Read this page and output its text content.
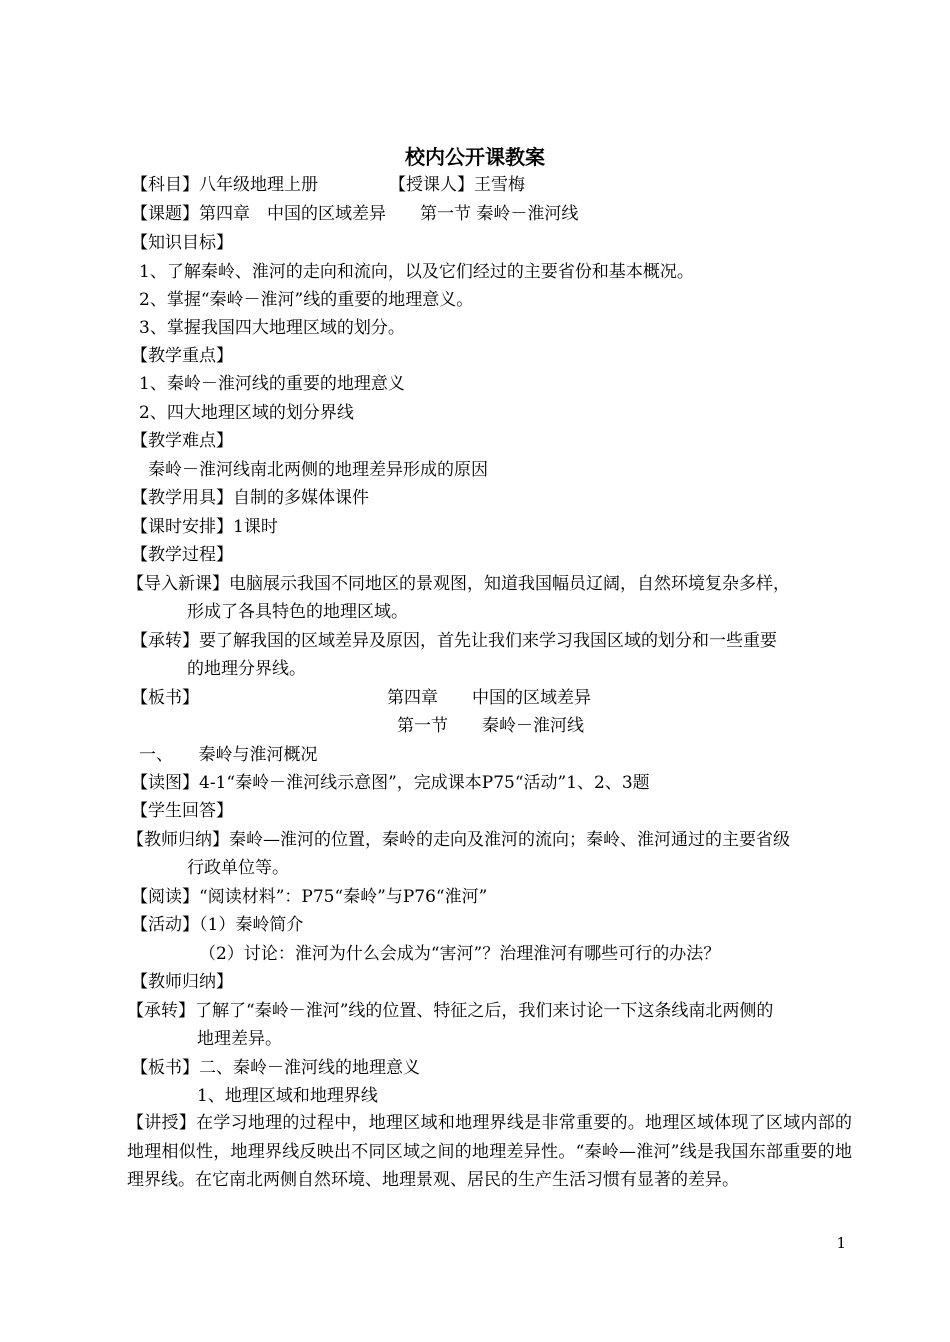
校内公开课教案
【科目】八年级地理上册	【授课人】王雪梅
【课题】第四章　中国的区域差异　　第一节 秦岭－淮河线
【知识目标】
1、了解秦岭、淮河的走向和流向，以及它们经过的主要省份和基本概况。
2、掌握“秦岭－淮河”线的重要的地理意义。
3、掌握我国四大地理区域的划分。
【教学重点】
1、秦岭－淮河线的重要的地理意义
2、四大地理区域的划分界线
【教学难点】
秦岭－淮河线南北两侧的地理差异形成的原因
【教学用具】自制的多媒体课件
【课时安排】1课时
【教学过程】
【导入新课】电脑展示我国不同地区的景观图，知道我国幅员辽阔，自然环境复杂多样，
形成了各具特色的地理区域。
【承转】要了解我国的区域差异及原因，首先让我们来学习我国区域的划分和一些重要
的地理分界线。
【板书】	第四章　　中国的区域差异
第一节　　秦岭－淮河线
一、　　秦岭与淮河概况
【读图】4-1“秦岭－淮河线示意图”，完成课本P75“活动”1、2、3题
【学生回答】
【教师归纳】秦岭—淮河的位置，秦岭的走向及淮河的流向；秦岭、淮河通过的主要省级
行政单位等。
【阅读】“阅读材料”：P75“秦岭”与P76“淮河”
【活动】（1）秦岭简介
（2）讨论：淮河为什么会成为“害河”？治理淮河有哪些可行的办法？
【教师归纳】
【承转】了解了“秦岭－淮河”线的位置、特征之后，我们来讨论一下这条线南北两侧的
地理差异。
【板书】二、秦岭－淮河线的地理意义
1、地理区域和地理界线
【讲授】在学习地理的过程中，地理区域和地理界线是非常重要的。地理区域体现了区域内部的地理相似性，地理界线反映出不同区域之间的地理差异性。“秦岭—淮河”线是我国东部重要的地理界线。在它南北两侧自然环境、地理景观、居民的生产生活习惯有显著的差异。
1
